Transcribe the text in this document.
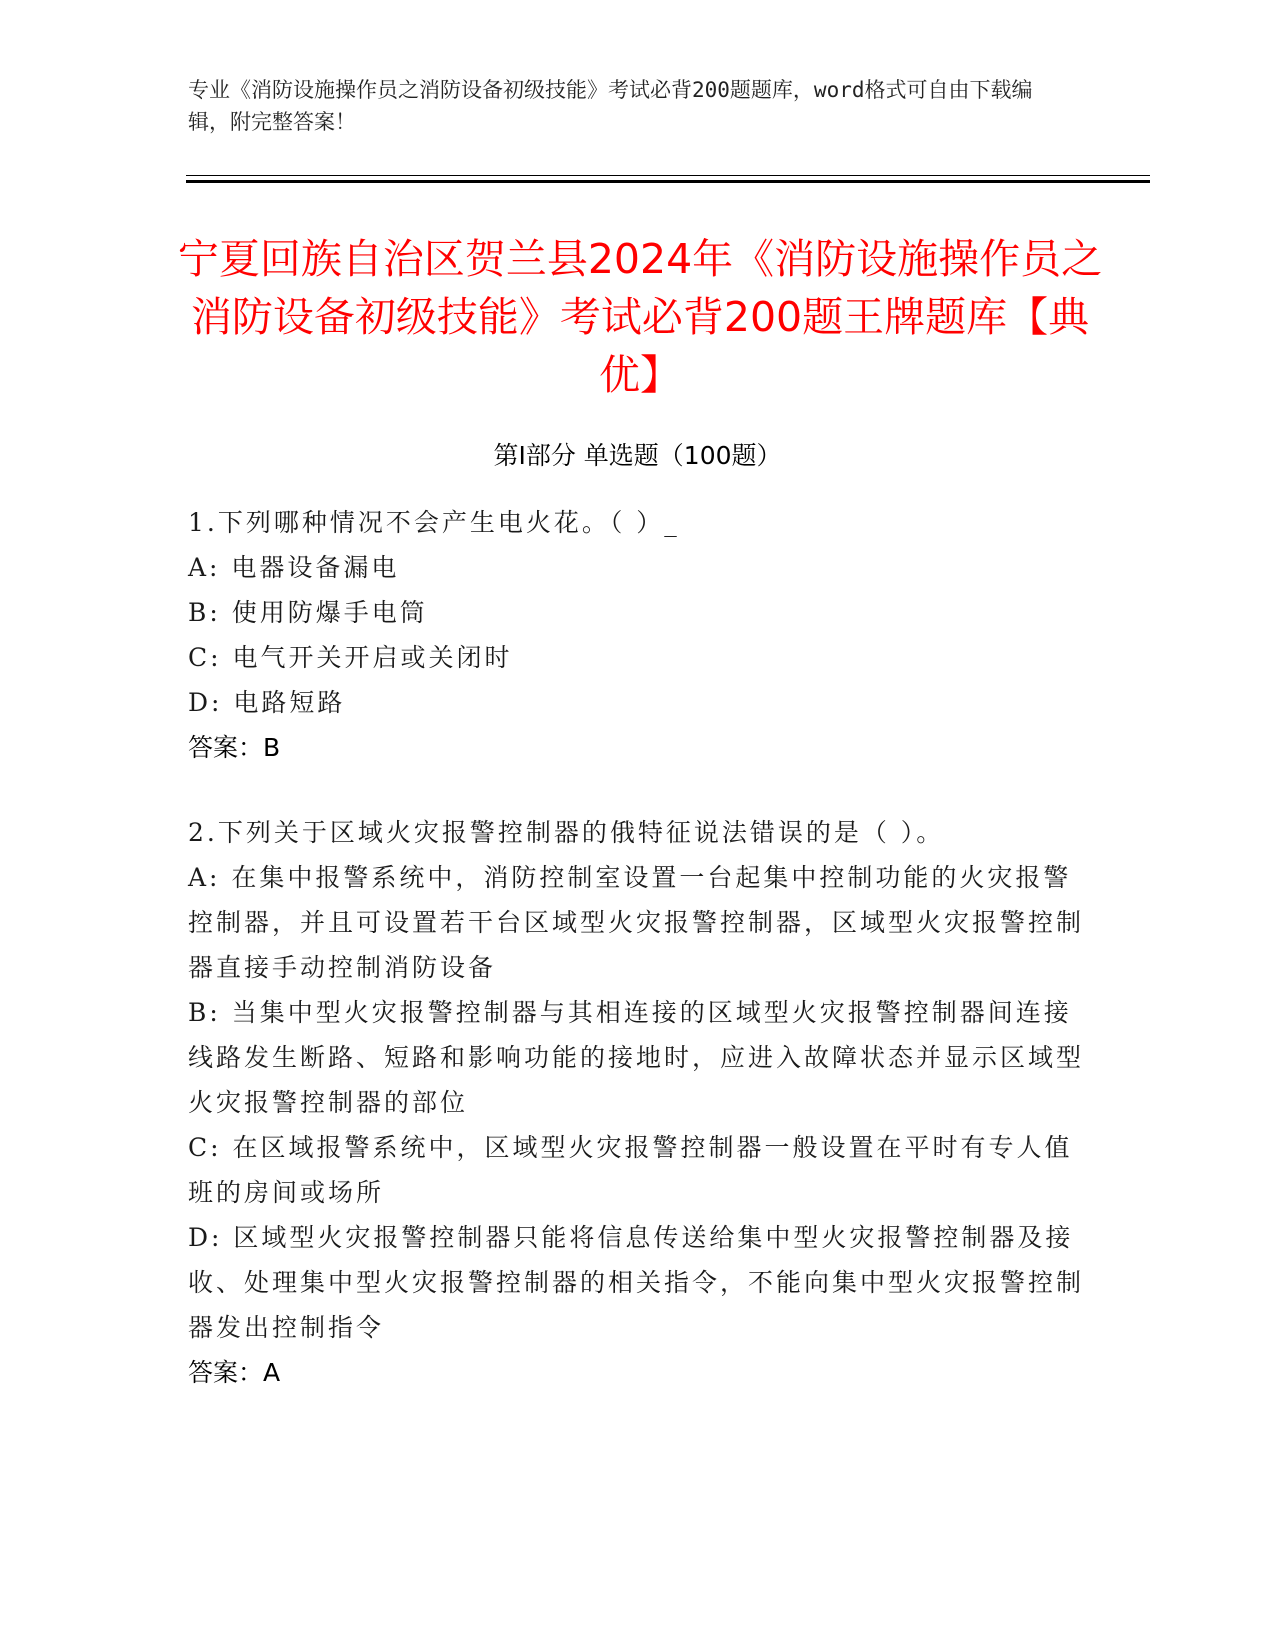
专业《消防设施操作员之消防设备初级技能》考试必背200题题库，word格式可自由下载编辑，附完整答案！
宁夏回族自治区贺兰县2024年《消防设施操作员之消防设备初级技能》考试必背200题王牌题库【典优】
第I部分 单选题（100题）
1.下列哪种情况不会产生电火花。（ ）_
A: 电器设备漏电
B: 使用防爆手电筒
C: 电气开关开启或关闭时
D: 电路短路
答案：B
2.下列关于区域火灾报警控制器的俄特征说法错误的是（ ）。
A: 在集中报警系统中，消防控制室设置一台起集中控制功能的火灾报警控制器，并且可设置若干台区域型火灾报警控制器，区域型火灾报警控制器直接手动控制消防设备
B: 当集中型火灾报警控制器与其相连接的区域型火灾报警控制器间连接线路发生断路、短路和影响功能的接地时，应进入故障状态并显示区域型火灾报警控制器的部位
C: 在区域报警系统中，区域型火灾报警控制器一般设置在平时有专人值班的房间或场所
D: 区域型火灾报警控制器只能将信息传送给集中型火灾报警控制器及接收、处理集中型火灾报警控制器的相关指令，不能向集中型火灾报警控制器发出控制指令
答案：A
